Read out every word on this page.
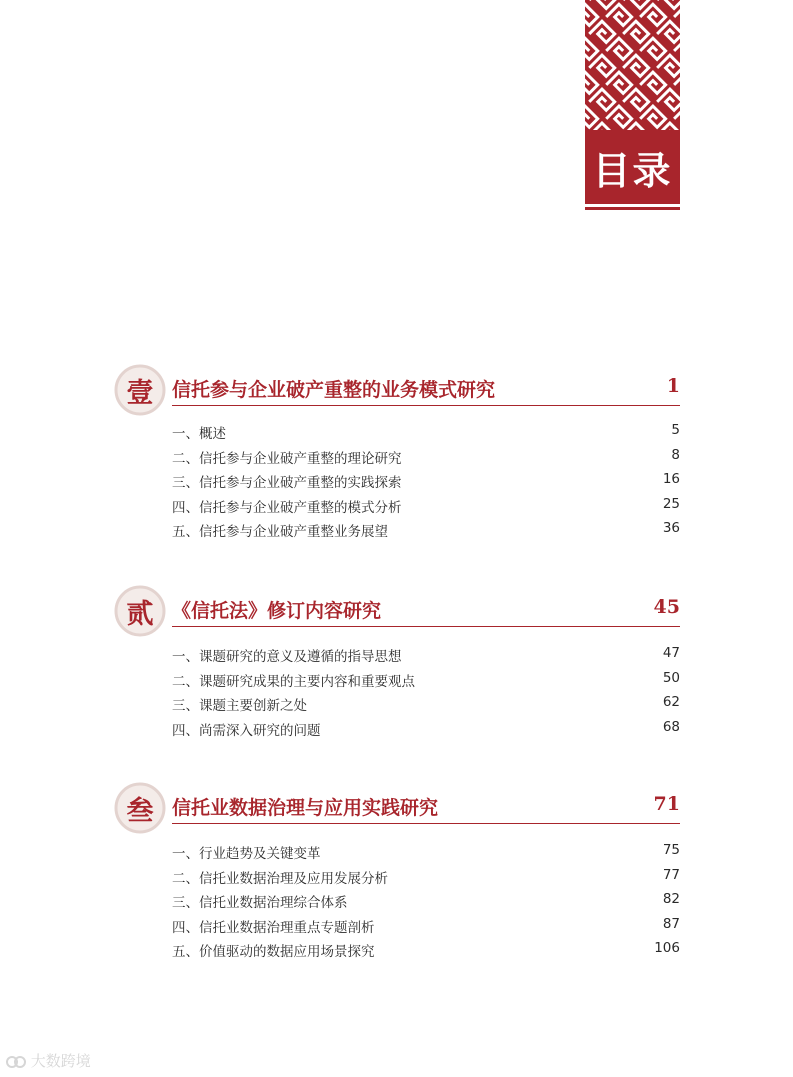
目录
壹 信托参与企业破产重整的业务模式研究	1
一、概述	5
二、信托参与企业破产重整的理论研究	8
三、信托参与企业破产重整的实践探索	16
四、信托参与企业破产重整的模式分析	25
五、信托参与企业破产重整业务展望	36
贰 《信托法》修订内容研究	45
一、课题研究的意义及遵循的指导思想	47
二、课题研究成果的主要内容和重要观点	50
三、课题主要创新之处	62
四、尚需深入研究的问题	68
叁 信托业数据治理与应用实践研究	71
一、行业趋势及关键变革	75
二、信托业数据治理及应用发展分析	77
三、信托业数据治理综合体系	82
四、信托业数据治理重点专题剖析	87
五、价值驱动的数据应用场景探究	106
大数跨境
